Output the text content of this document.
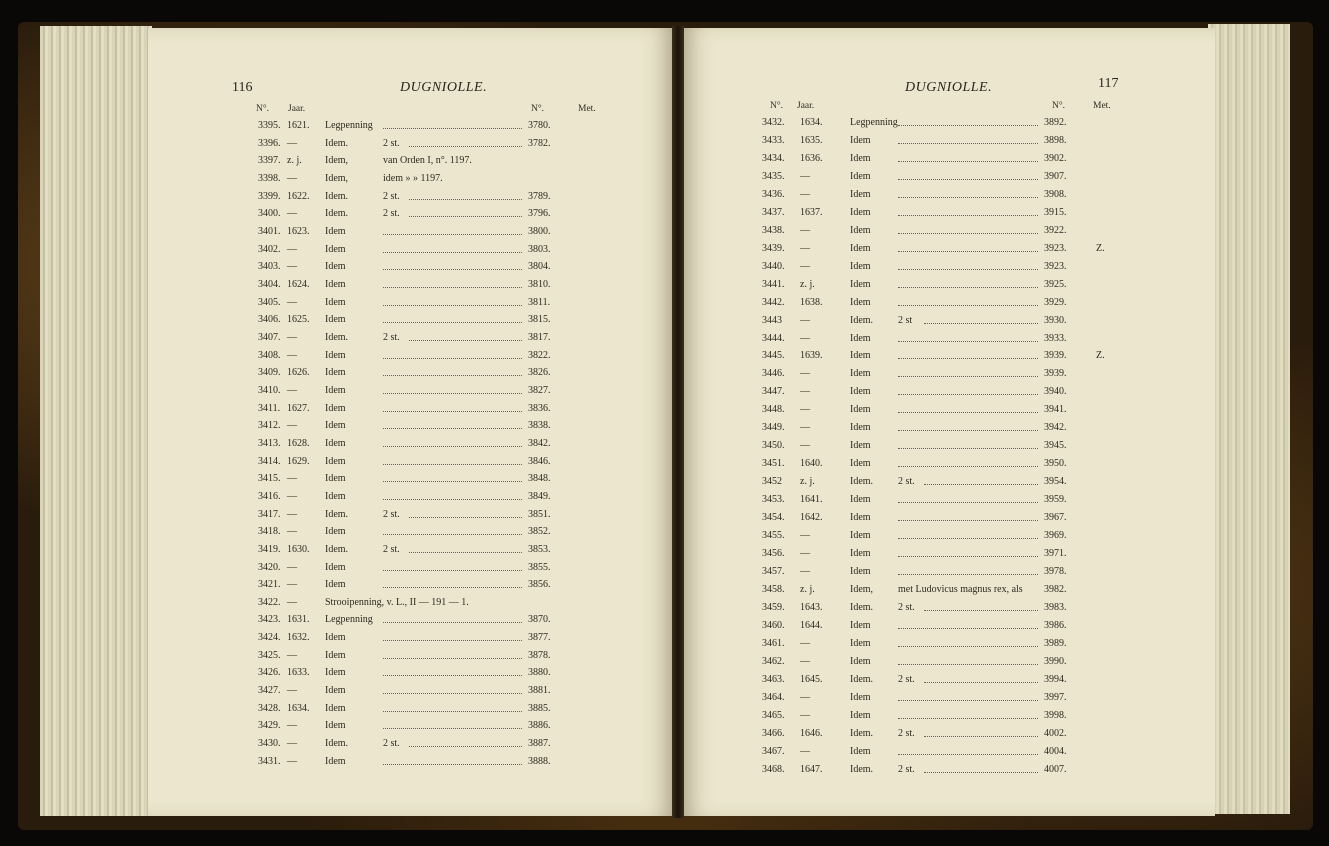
116	DUGNIOLLE.
N°. Jaar.	N°.	Met.
3395. 1621. Legpenning	3780.
3396. —	Idem.	2 st.	3782.
3397. z. j. Idem,	van Orden I, n°. 1197.
3398. —	Idem,	idem » » 1197.
3399. 1622. Idem.	2 st.	3789.
3400. —	Idem.	2 st.	3796.
3401. 1623. Idem	3800.
3402. —	Idem	3803.
3403. —	Idem	3804.
3404. 1624. Idem	3810.
3405. —	Idem	3811.
3406. 1625. Idem	3815.
3407. —	Idem.	2 st.	3817.
3408. —	Idem	3822.
3409. 1626. Idem	3826.
3410. —	Idem	3827.
3411. 1627. Idem	3836.
3412. —	Idem	3838.
3413. 1628. Idem	3842.
3414. 1629. Idem	3846.
3415. —	Idem	3848.
3416. —	Idem	3849.
3417. —	Idem.	2 st.	3851.
3418. —	Idem	3852.
3419. 1630. Idem.	2 st.	3853.
3420. —	Idem	3855.
3421. —	Idem	3856.
3422. —	Strooipenning, v. L., II — 191 — 1.
3423. 1631. Legpenning	3870.
3424. 1632. Idem	3877.
3425. —	Idem	3878.
3426. 1633. Idem	3880.
3427. —	Idem	3881.
3428. 1634. Idem	3885.
3429. —	Idem	3886.
3430. —	Idem.	2 st.	3887.
3431. —	Idem	3888.
DUGNIOLLE.	117
N°. Jaar.	N°.	Met.
3432. 1634.	Legpenning	3892.
3433. 1635.	Idem	3898.
3434. 1636.	Idem	3902.
3435. —	Idem	3907.
3436. —	Idem	3908.
3437. 1637.	Idem	3915.
3438. —	Idem	3922.
3439. —	Idem	3923.	Z.
3440. —	Idem	3923.
3441. z. j.	Idem	3925.
3442. 1638.	Idem	3929.
3443 —	Idem. 2 st	3930.
3444. —	Idem	3933.
3445. 1639.	Idem	3939.	Z.
3446. —	Idem	3939.
3447. —	Idem	3940.
3448. —	Idem	3941.
3449. —	Idem	3942.
3450. —	Idem	3945.
3451. 1640.	Idem	3950.
3452 z. j.	Idem. 2 st.	3954.
3453. 1641.	Idem	3959.
3454. 1642.	Idem	3967.
3455. —	Idem	3969.
3456. —	Idem	3971.
3457. —	Idem	3978.
3458. z. j.	Idem, met Ludovicus magnus rex, als 3982.
3459. 1643.	Idem. 2 st.	3983.
3460. 1644.	Idem	3986.
3461. —	Idem	3989.
3462. —	Idem	3990.
3463. 1645.	Idem. 2 st.	3994.
3464. —	Idem	3997.
3465. —	Idem	3998.
3466. 1646.	Idem. 2 st.	4002.
3467. —	Idem	4004.
3468. 1647.	Idem. 2 st.	4007.
